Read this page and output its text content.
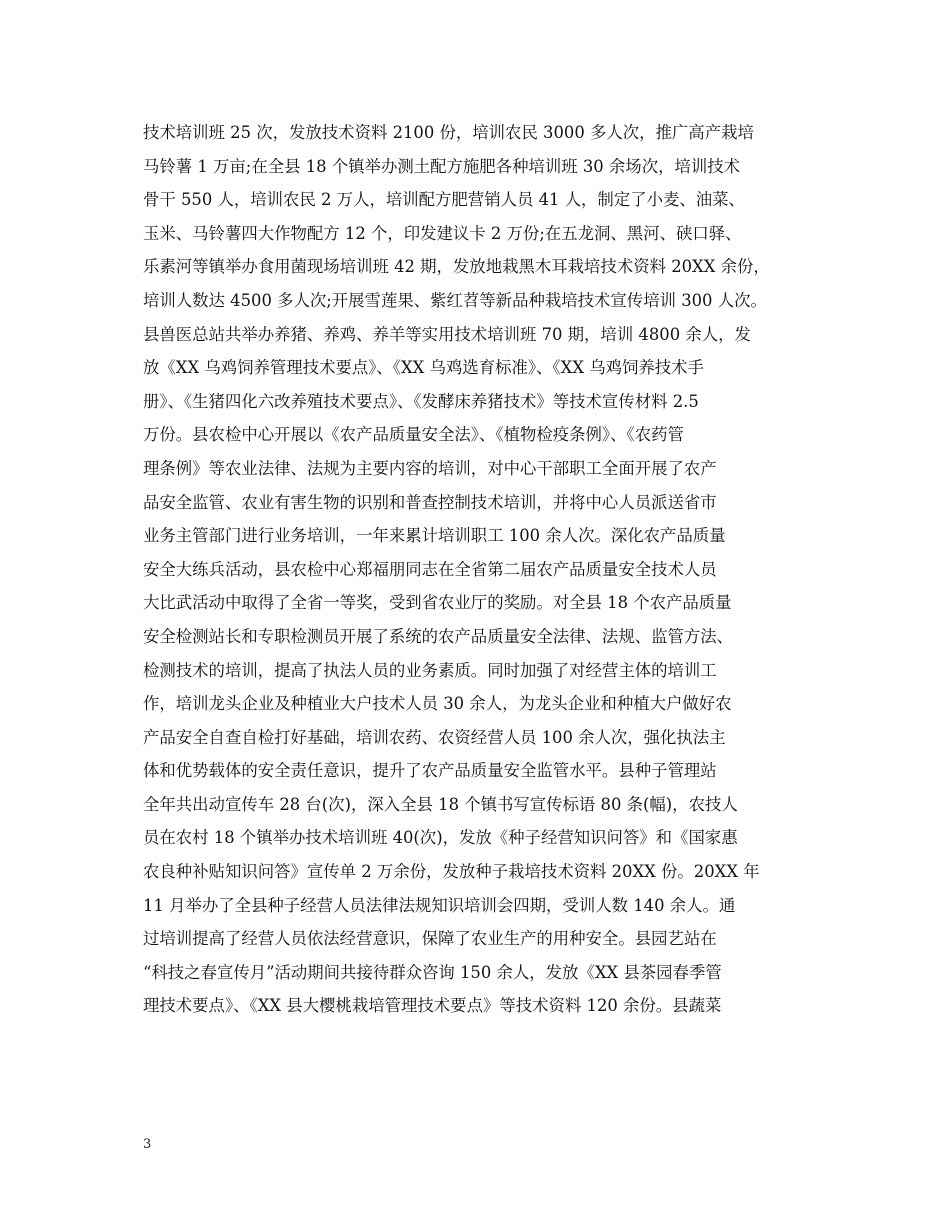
技术培训班 25 次，发放技术资料 2100 份，培训农民 3000 多人次，推广高产栽培
马铃薯 1 万亩;在全县 18 个镇举办测土配方施肥各种培训班 30 余场次，培训技术
骨干 550 人，培训农民 2 万人，培训配方肥营销人员 41 人，制定了小麦、油菜、
玉米、马铃薯四大作物配方 12 个，印发建议卡 2 万份;在五龙洞、黑河、硖口驿、
乐素河等镇举办食用菌现场培训班 42 期，发放地栽黑木耳栽培技术资料 20XX 余份，
培训人数达 4500 多人次;开展雪莲果、紫红苕等新品种栽培技术宣传培训 300 人次。
县兽医总站共举办养猪、养鸡、养羊等实用技术培训班 70 期，培训 4800 余人，发
放《XX 乌鸡饲养管理技术要点》、《XX 乌鸡选育标准》、《XX 乌鸡饲养技术手
册》、《生猪四化六改养殖技术要点》、《发酵床养猪技术》等技术宣传材料 2.5
万份。县农检中心开展以《农产品质量安全法》、《植物检疫条例》、《农药管
理条例》等农业法律、法规为主要内容的培训，对中心干部职工全面开展了农产
品安全监管、农业有害生物的识别和普查控制技术培训，并将中心人员派送省市
业务主管部门进行业务培训，一年来累计培训职工 100 余人次。深化农产品质量
安全大练兵活动，县农检中心郑福朋同志在全省第二届农产品质量安全技术人员
大比武活动中取得了全省一等奖，受到省农业厅的奖励。对全县 18 个农产品质量
安全检测站长和专职检测员开展了系统的农产品质量安全法律、法规、监管方法、
检测技术的培训，提高了执法人员的业务素质。同时加强了对经营主体的培训工
作，培训龙头企业及种植业大户技术人员 30 余人，为龙头企业和种植大户做好农
产品安全自查自检打好基础，培训农药、农资经营人员 100 余人次，强化执法主
体和优势载体的安全责任意识，提升了农产品质量安全监管水平。县种子管理站
全年共出动宣传车 28 台(次)，深入全县 18 个镇书写宣传标语 80 条(幅)，农技人
员在农村 18 个镇举办技术培训班 40(次)，发放《种子经营知识问答》和《国家惠
农良种补贴知识问答》宣传单 2 万余份，发放种子栽培技术资料 20XX 份。20XX 年
11 月举办了全县种子经营人员法律法规知识培训会四期，受训人数 140 余人。通
过培训提高了经营人员依法经营意识，保障了农业生产的用种安全。县园艺站在
“科技之春宣传月”活动期间共接待群众咨询 150 余人，发放《XX 县茶园春季管
理技术要点》、《XX 县大樱桃栽培管理技术要点》等技术资料 120 余份。县蔬菜
3
